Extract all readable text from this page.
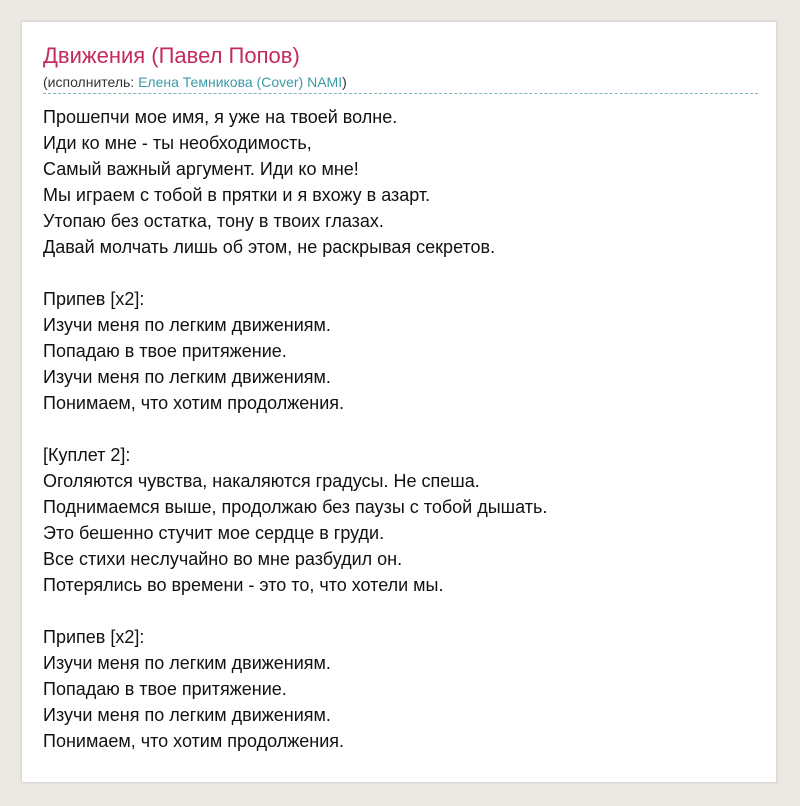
Движения (Павел Попов)
(исполнитель: Елена Темникова (Cover) NAMI)
Прошепчи мое имя, я уже на твоей волне.
Иди ко мне - ты необходимость,
Самый важный аргумент. Иди ко мне!
Мы играем с тобой в прятки и я вхожу в азарт.
Утопаю без остатка, тону в твоих глазах.
Давай молчать лишь об этом, не раскрывая секретов.
Припев [x2]:
Изучи меня по легким движениям.
Попадаю в твое притяжение.
Изучи меня по легким движениям.
Понимаем, что хотим продолжения.
[Куплет 2]:
Оголяются чувства, накаляются градусы. Не спеша.
Поднимаемся выше, продолжаю без паузы с тобой дышать.
Это бешенно стучит мое сердце в груди.
Все стихи неслучайно во мне разбудил он.
Потерялись во времени - это то, что хотели мы.
Припев [x2]:
Изучи меня по легким движениям.
Попадаю в твое притяжение.
Изучи меня по легким движениям.
Понимаем, что хотим продолжения.
